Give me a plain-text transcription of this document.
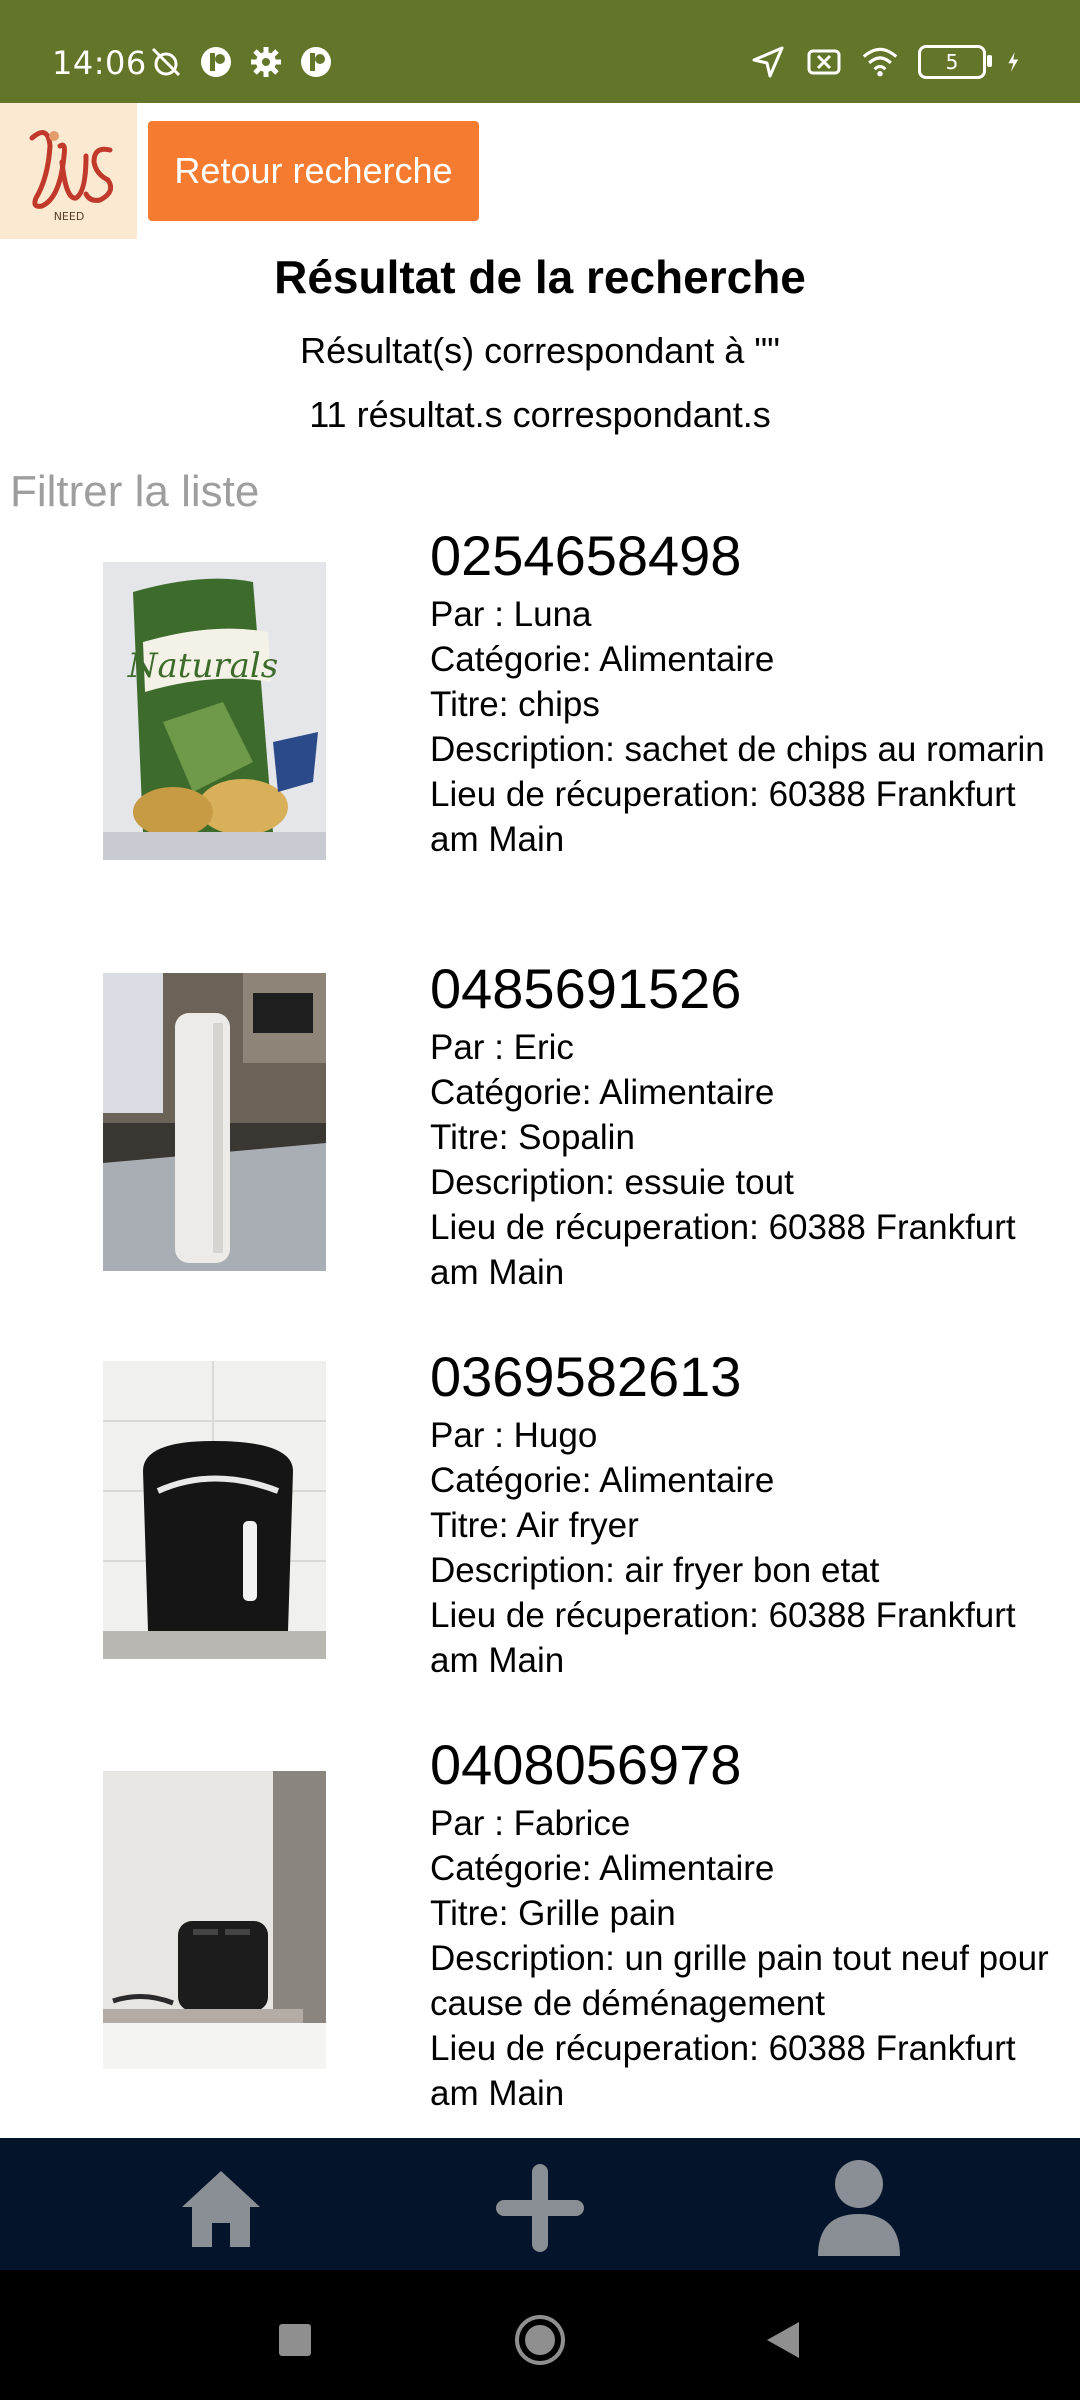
14:06	5
NEED
Retour recherche
Résultat de la recherche
Résultat(s) correspondant à ""
11 résultat.s correspondant.s
Filtrer la liste
Naturals
0254658498
Par : Luna
Catégorie: Alimentaire
Titre: chips
Description: sachet de chips au romarin
Lieu de récuperation: 60388 Frankfurt am Main
0485691526
Par : Eric
Catégorie: Alimentaire
Titre: Sopalin
Description: essuie tout
Lieu de récuperation: 60388 Frankfurt am Main
0369582613
Par : Hugo
Catégorie: Alimentaire
Titre: Air fryer
Description: air fryer bon etat
Lieu de récuperation: 60388 Frankfurt am Main
0408056978
Par : Fabrice
Catégorie: Alimentaire
Titre: Grille pain
Description: un grille pain tout neuf pour cause de déménagement
Lieu de récuperation: 60388 Frankfurt am Main
